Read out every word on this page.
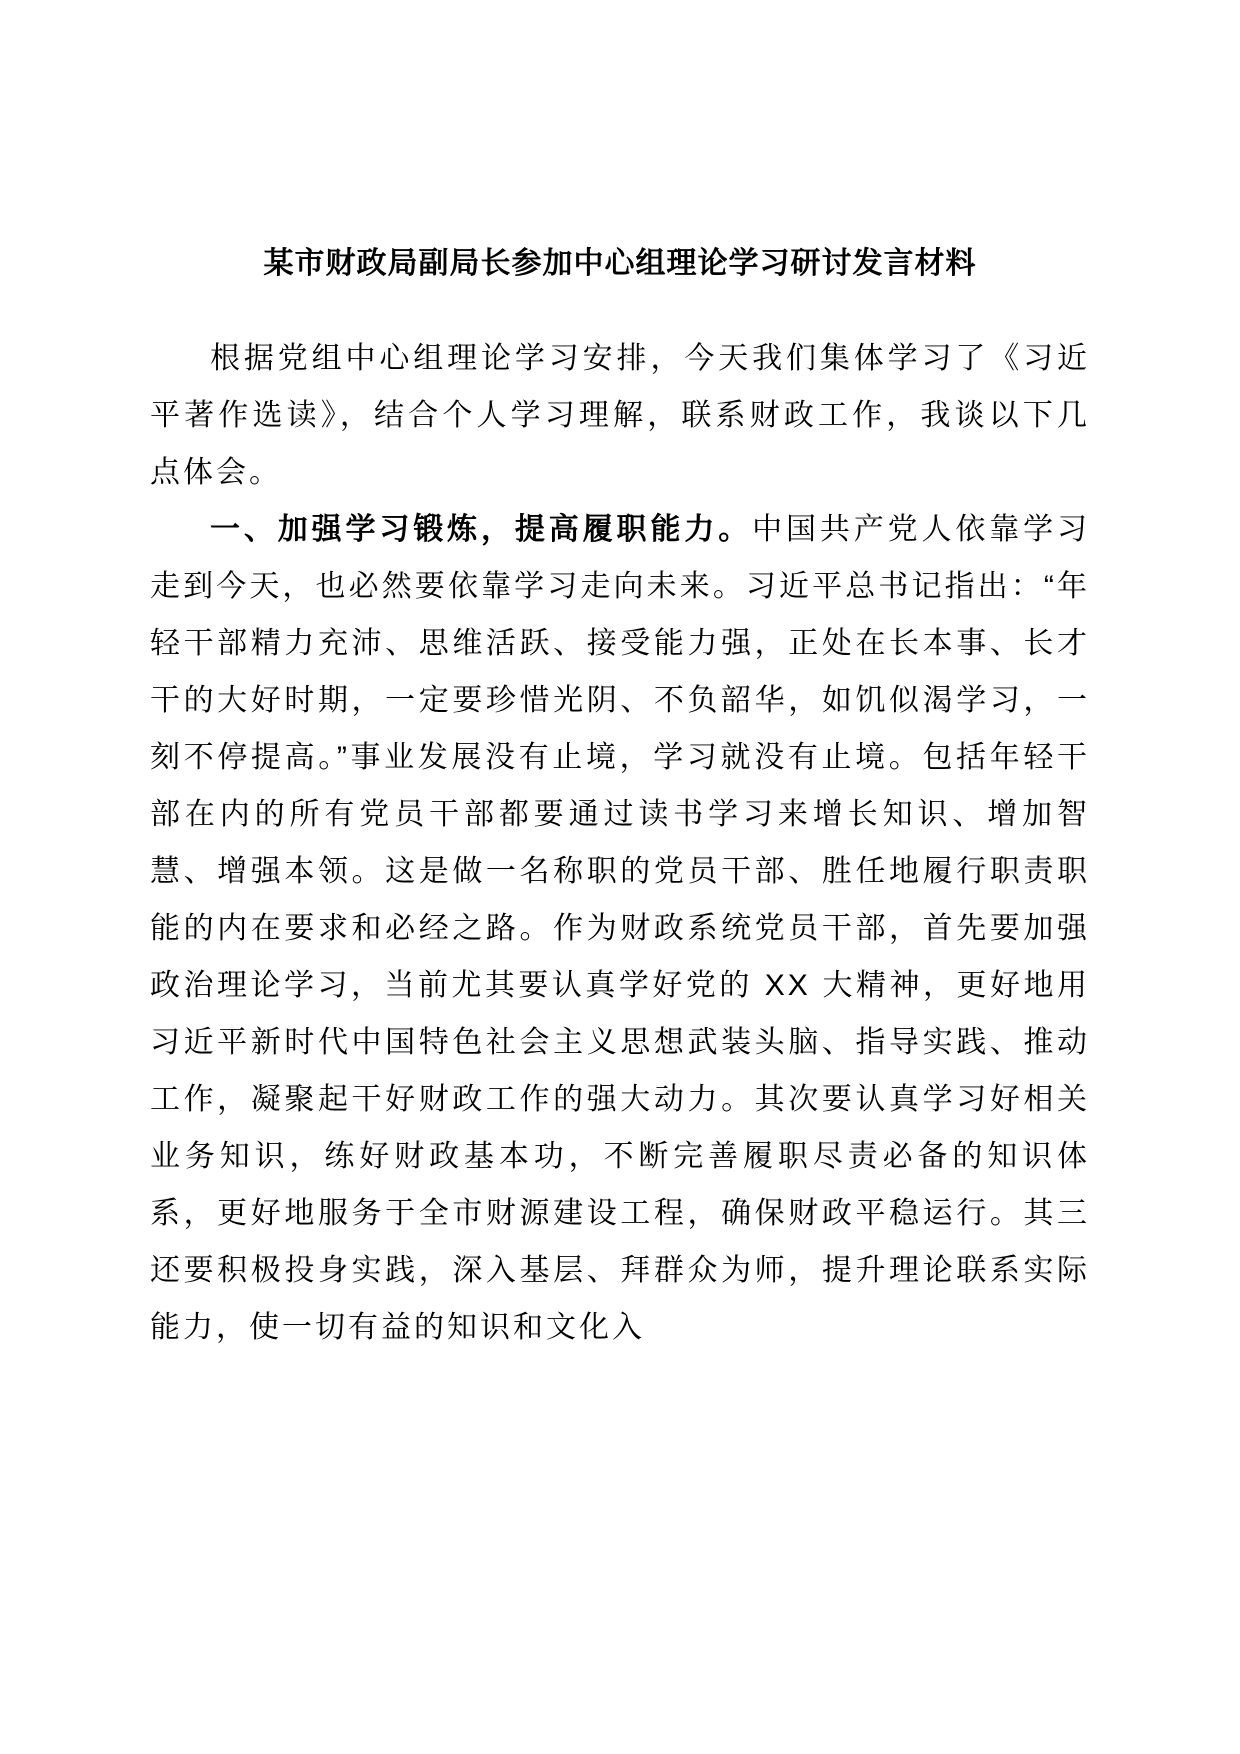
某市财政局副局长参加中心组理论学习研讨发言材料

根据党组中心组理论学习安排，今天我们集体学习了《习近平著作选读》，结合个人学习理解，联系财政工作，我谈以下几点体会。

一、加强学习锻炼，提高履职能力。中国共产党人依靠学习走到今天，也必然要依靠学习走向未来。习近平总书记指出：“年轻干部精力充沛、思维活跃、接受能力强，正处在长本事、长才干的大好时期，一定要珍惜光阴、不负韶华，如饥似渴学习，一刻不停提高。”事业发展没有止境，学习就没有止境。包括年轻干部在内的所有党员干部都要通过读书学习来增长知识、增加智慧、增强本领。这是做一名称职的党员干部、胜任地履行职责职能的内在要求和必经之路。作为财政系统党员干部，首先要加强政治理论学习，当前尤其要认真学好党的 XX 大精神，更好地用习近平新时代中国特色社会主义思想武装头脑、指导实践、推动工作，凝聚起干好财政工作的强大动力。其次要认真学习好相关业务知识，练好财政基本功，不断完善履职尽责必备的知识体系，更好地服务于全市财源建设工程，确保财政平稳运行。其三还要积极投身实践，深入基层、拜群众为师，提升理论联系实际能力，使一切有益的知识和文化入
